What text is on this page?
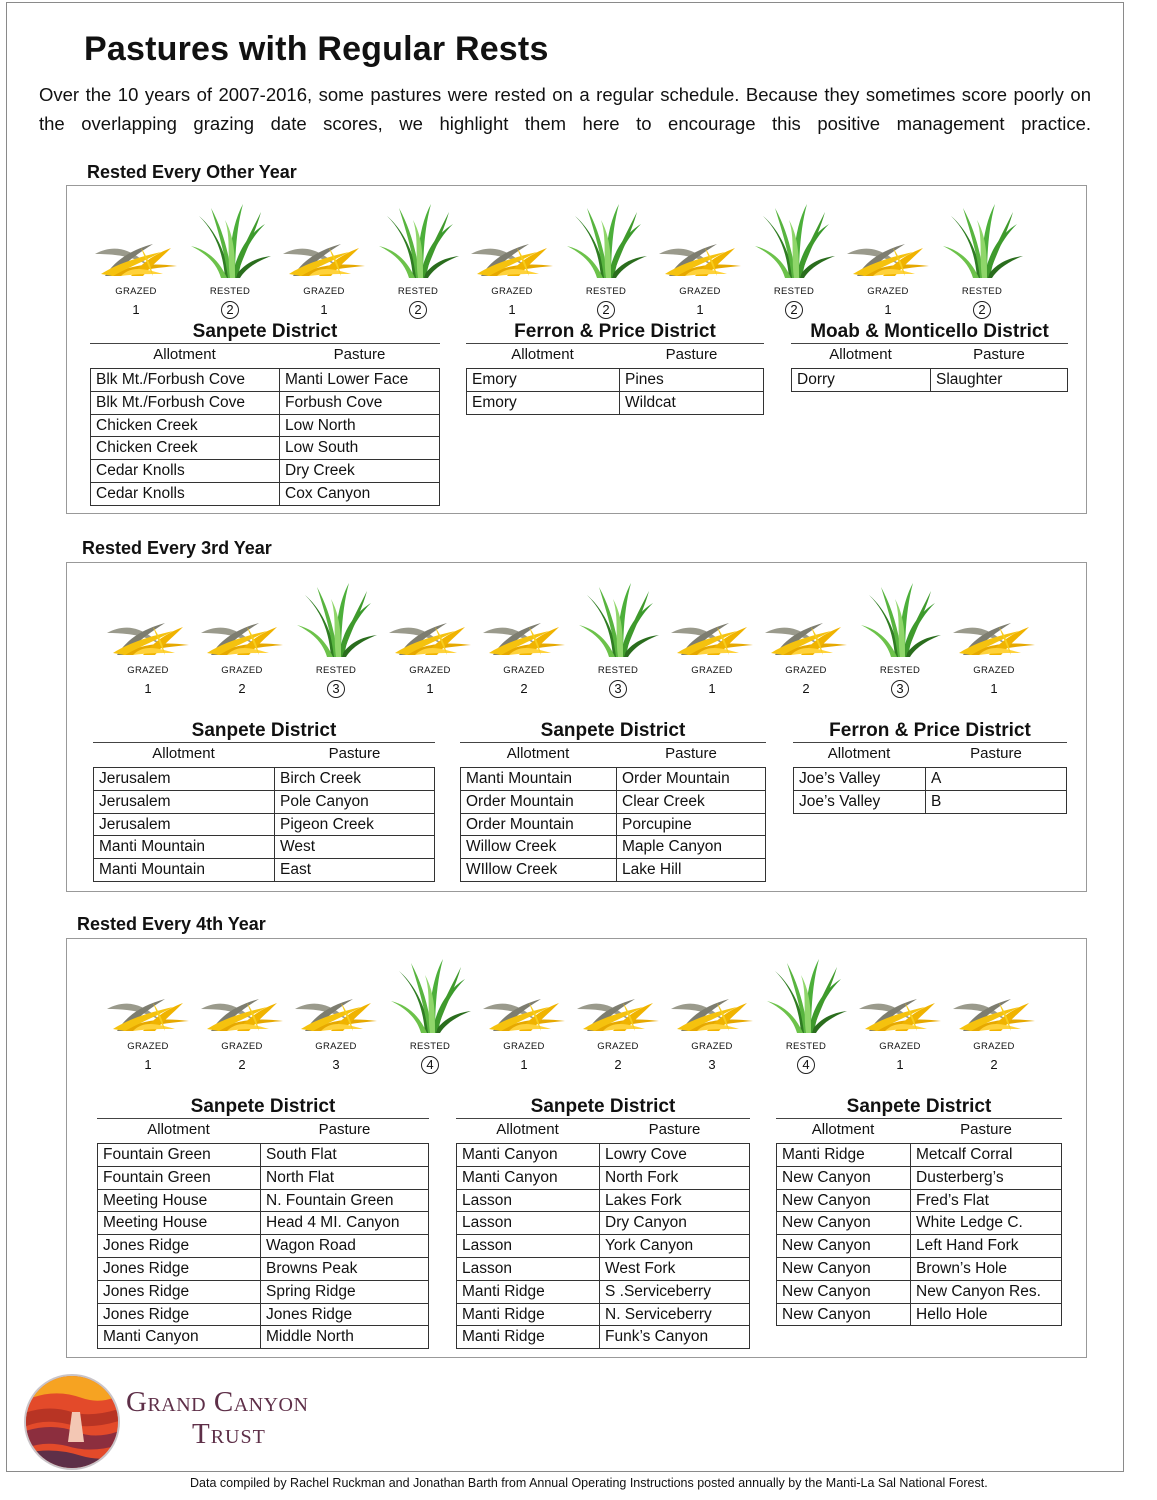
Pastures with Regular Rests

Over the 10 years of 2007-2016, some pastures were rested on a regular schedule. Because they sometimes score poorly on the overlapping grazing date scores, we highlight them here to encourage this positive management practice.

Rested Every Other Year
GRAZED
1
RESTED
2
GRAZED
1
RESTED
2
GRAZED
1
RESTED
2
GRAZED
1
RESTED
2
GRAZED
1
RESTED
2
Sanpete District
Allotment	Pasture
Blk Mt./Forbush Cove	Manti Lower Face
Blk Mt./Forbush Cove	Forbush Cove
Chicken Creek	Low North
Chicken Creek	Low South
Cedar Knolls	Dry Creek
Cedar Knolls	Cox Canyon
Ferron & Price District
Allotment	Pasture
Emory	Pines
Emory	Wildcat
Moab & Monticello District
Allotment	Pasture
Dorry	Slaughter
Rested Every 3rd Year
GRAZED
1
GRAZED
2
RESTED
3
GRAZED
1
GRAZED
2
RESTED
3
GRAZED
1
GRAZED
2
RESTED
3
GRAZED
1
Sanpete District
Allotment	Pasture
Jerusalem	Birch Creek
Jerusalem	Pole Canyon
Jerusalem	Pigeon Creek
Manti Mountain	West
Manti Mountain	East
Sanpete District
Allotment	Pasture
Manti Mountain	Order Mountain
Order Mountain	Clear Creek
Order Mountain	Porcupine
Willow Creek	Maple Canyon
WIllow Creek	Lake Hill
Ferron & Price District
Allotment	Pasture
Joe’s Valley	A
Joe’s Valley	B
Rested Every 4th Year
GRAZED
1
GRAZED
2
GRAZED
3
RESTED
4
GRAZED
1
GRAZED
2
GRAZED
3
RESTED
4
GRAZED
1
GRAZED
2
Sanpete District
Allotment	Pasture
Fountain Green	South Flat
Fountain Green	North Flat
Meeting House	N. Fountain Green
Meeting House	Head 4 MI. Canyon
Jones Ridge	Wagon Road
Jones Ridge	Browns Peak
Jones Ridge	Spring Ridge
Jones Ridge	Jones Ridge
Manti Canyon	Middle North
Sanpete District
Allotment	Pasture
Manti Canyon	Lowry Cove
Manti Canyon	North Fork
Lasson	Lakes Fork
Lasson	Dry Canyon
Lasson	York Canyon
Lasson	West Fork
Manti Ridge	S .Serviceberry
Manti Ridge	N. Serviceberry
Manti Ridge	Funk’s Canyon
Sanpete District
Allotment	Pasture
Manti Ridge	Metcalf Corral
New Canyon	Dusterberg’s
New Canyon	Fred’s Flat
New Canyon	White Ledge C.
New Canyon	Left Hand Fork
New Canyon	Brown’s Hole
New Canyon	New Canyon Res.
New Canyon	Hello Hole
Grand Canyon
Trust
Data compiled by Rachel Ruckman and Jonathan Barth from Annual Operating Instructions posted annually by the Manti-La Sal National Forest.
